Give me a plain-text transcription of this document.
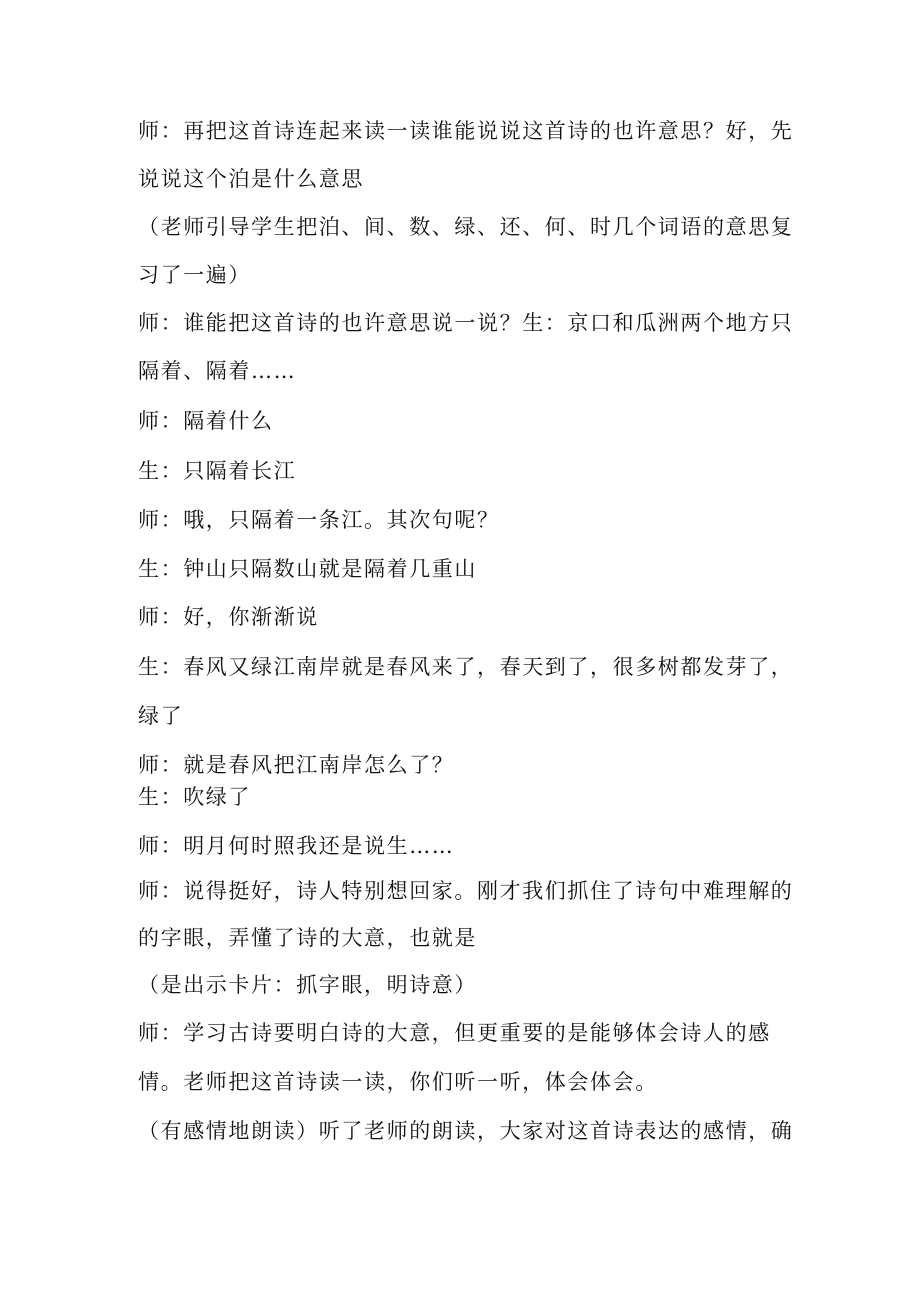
师：再把这首诗连起来读一读谁能说说这首诗的也许意思？好，先
说说这个泊是什么意思
（老师引导学生把泊、间、数、绿、还、何、时几个词语的意思复
习了一遍）
师：谁能把这首诗的也许意思说一说？生：京口和瓜洲两个地方只
隔着、隔着……
师：隔着什么
生：只隔着长江
师：哦，只隔着一条江。其次句呢？
生：钟山只隔数山就是隔着几重山
师：好，你渐渐说
生：春风又绿江南岸就是春风来了，春天到了，很多树都发芽了，
绿了
师：就是春风把江南岸怎么了？
生：吹绿了
师：明月何时照我还是说生……
师：说得挺好，诗人特别想回家。刚才我们抓住了诗句中难理解的
的字眼，弄懂了诗的大意，也就是
（是出示卡片：抓字眼，明诗意）
师：学习古诗要明白诗的大意，但更重要的是能够体会诗人的感
情。老师把这首诗读一读，你们听一听，体会体会。
（有感情地朗读）听了老师的朗读，大家对这首诗表达的感情，确
